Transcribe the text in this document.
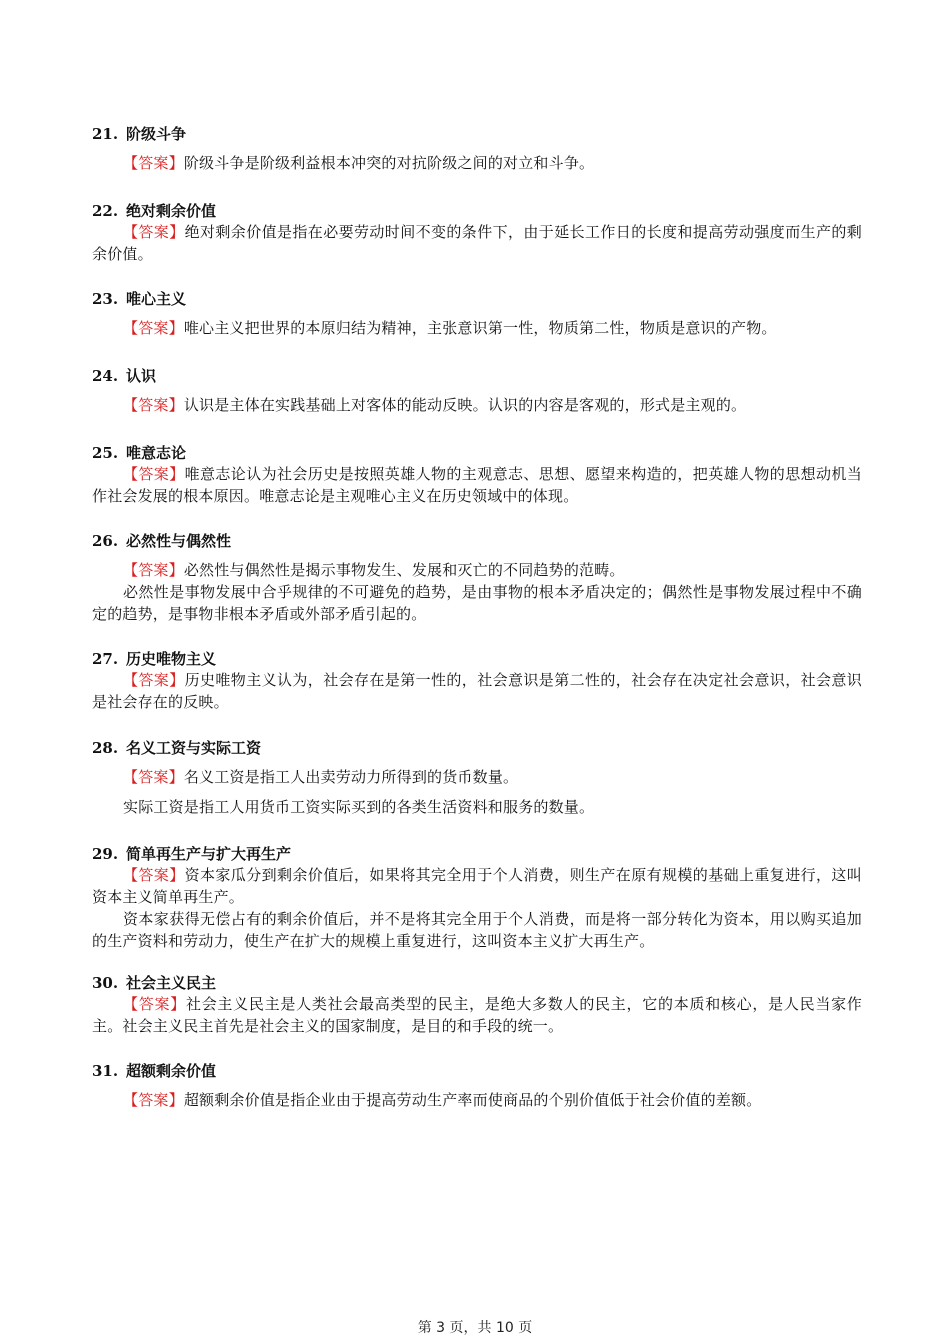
21. 阶级斗争
【答案】阶级斗争是阶级利益根本冲突的对抗阶级之间的对立和斗争。
22. 绝对剩余价值
【答案】绝对剩余价值是指在必要劳动时间不变的条件下，由于延长工作日的长度和提高劳动强度而生产的剩余价值。
23. 唯心主义
【答案】唯心主义把世界的本原归结为精神，主张意识第一性，物质第二性，物质是意识的产物。
24. 认识
【答案】认识是主体在实践基础上对客体的能动反映。认识的内容是客观的，形式是主观的。
25. 唯意志论
【答案】唯意志论认为社会历史是按照英雄人物的主观意志、思想、愿望来构造的，把英雄人物的思想动机当作社会发展的根本原因。唯意志论是主观唯心主义在历史领域中的体现。
26. 必然性与偶然性
【答案】必然性与偶然性是揭示事物发生、发展和灭亡的不同趋势的范畴。
必然性是事物发展中合乎规律的不可避免的趋势，是由事物的根本矛盾决定的；偶然性是事物发展过程中不确定的趋势，是事物非根本矛盾或外部矛盾引起的。
27. 历史唯物主义
【答案】历史唯物主义认为，社会存在是第一性的，社会意识是第二性的，社会存在决定社会意识，社会意识是社会存在的反映。
28. 名义工资与实际工资
【答案】名义工资是指工人出卖劳动力所得到的货币数量。
实际工资是指工人用货币工资实际买到的各类生活资料和服务的数量。
29. 简单再生产与扩大再生产
【答案】资本家瓜分到剩余价值后，如果将其完全用于个人消费，则生产在原有规模的基础上重复进行，这叫资本主义简单再生产。
资本家获得无偿占有的剩余价值后，并不是将其完全用于个人消费，而是将一部分转化为资本，用以购买追加的生产资料和劳动力，使生产在扩大的规模上重复进行，这叫资本主义扩大再生产。
30. 社会主义民主
【答案】社会主义民主是人类社会最高类型的民主，是绝大多数人的民主，它的本质和核心，是人民当家作主。社会主义民主首先是社会主义的国家制度，是目的和手段的统一。
31. 超额剩余价值
【答案】超额剩余价值是指企业由于提高劳动生产率而使商品的个别价值低于社会价值的差额。
第 3 页，共 10 页
